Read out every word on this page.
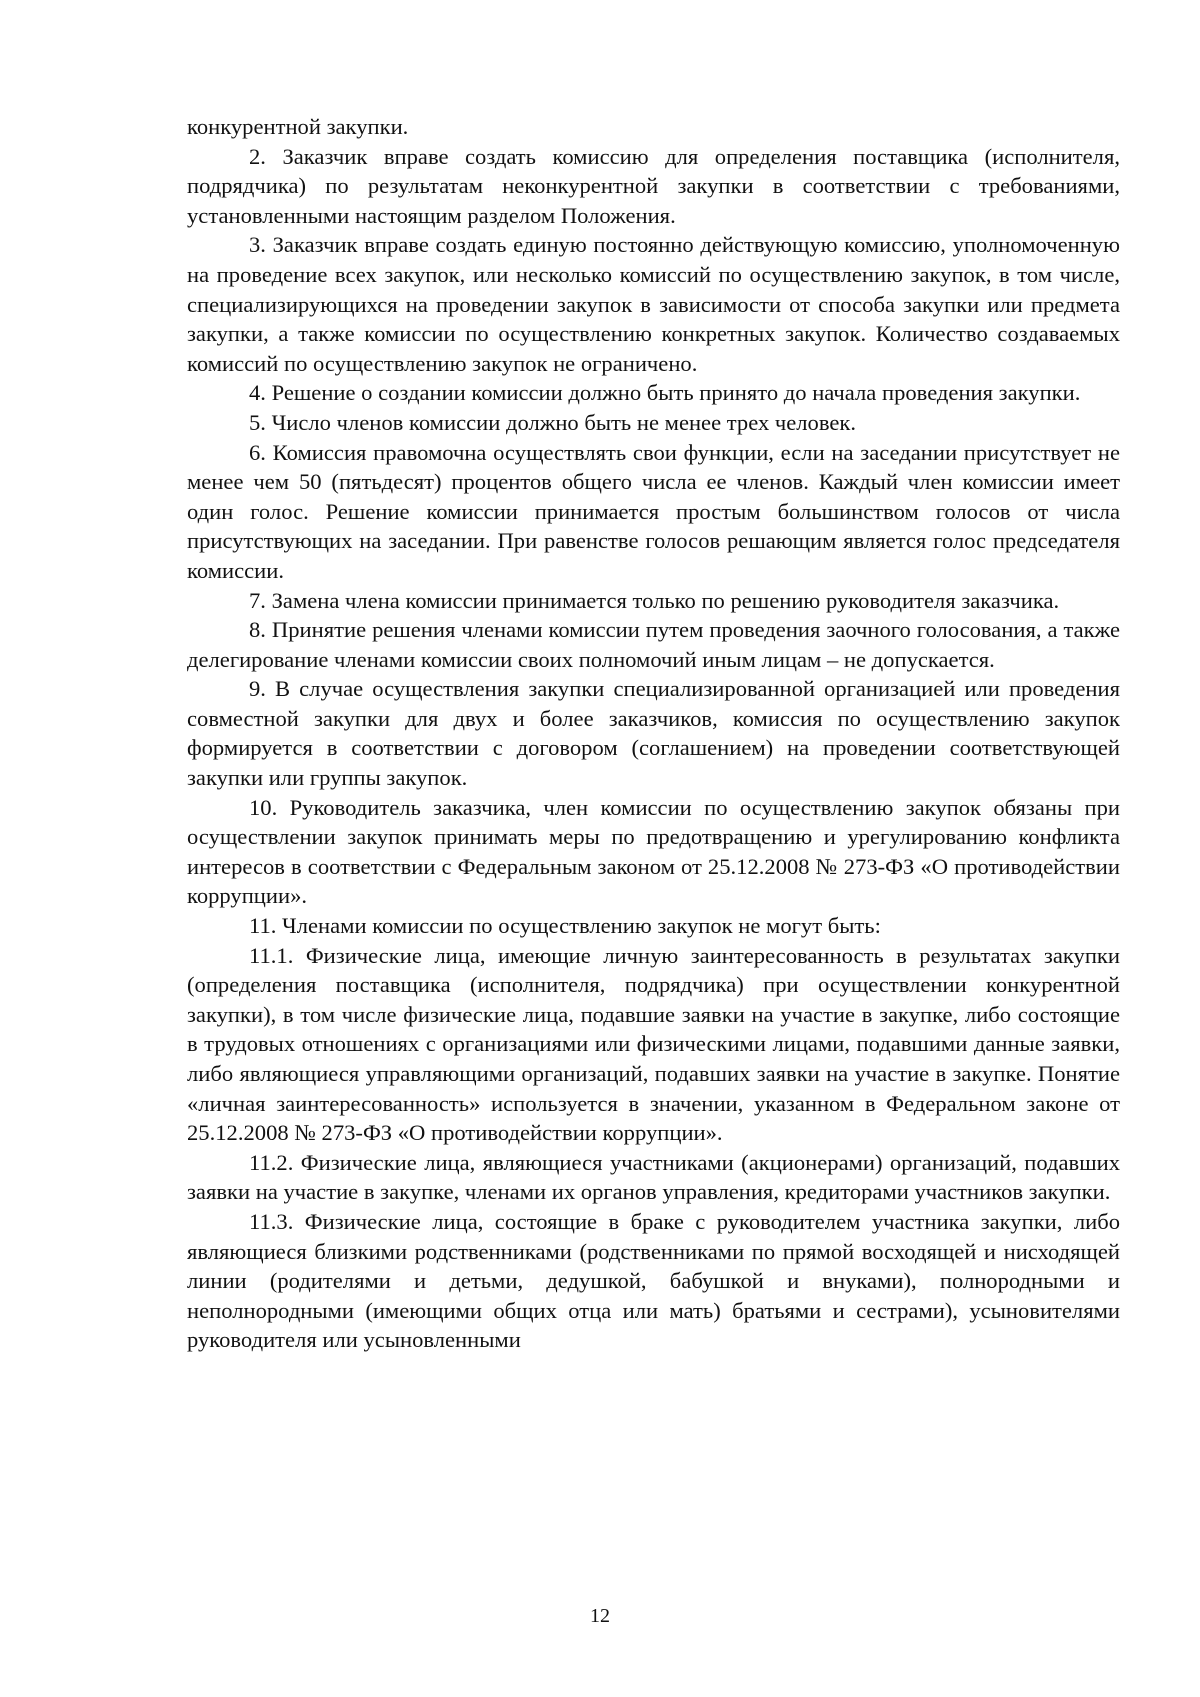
конкурентной закупки.

2. Заказчик вправе создать комиссию для определения поставщика (исполнителя, подрядчика) по результатам неконкурентной закупки в соответствии с требованиями, установленными настоящим разделом Положения.

3. Заказчик вправе создать единую постоянно действующую комиссию, уполномоченную на проведение всех закупок, или несколько комиссий по осуществлению закупок, в том числе, специализирующихся на проведении закупок в зависимости от способа закупки или предмета закупки, а также комиссии по осуществлению конкретных закупок. Количество создаваемых комиссий по осуществлению закупок не ограничено.

4. Решение о создании комиссии должно быть принято до начала проведения закупки.

5. Число членов комиссии должно быть не менее трех человек.

6. Комиссия правомочна осуществлять свои функции, если на заседании присутствует не менее чем 50 (пятьдесят) процентов общего числа ее членов. Каждый член комиссии имеет один голос. Решение комиссии принимается простым большинством голосов от числа присутствующих на заседании. При равенстве голосов решающим является голос председателя комиссии.

7. Замена члена комиссии принимается только по решению руководителя заказчика.

8. Принятие решения членами комиссии путем проведения заочного голосования, а также делегирование членами комиссии своих полномочий иным лицам – не допускается.

9. В случае осуществления закупки специализированной организацией или проведения совместной закупки для двух и более заказчиков, комиссия по осуществлению закупок формируется в соответствии с договором (соглашением) на проведении соответствующей закупки или группы закупок.

10. Руководитель заказчика, член комиссии по осуществлению закупок обязаны при осуществлении закупок принимать меры по предотвращению и урегулированию конфликта интересов в соответствии с Федеральным законом от 25.12.2008 № 273-ФЗ «О противодействии коррупции».

11. Членами комиссии по осуществлению закупок не могут быть:

11.1. Физические лица, имеющие личную заинтересованность в результатах закупки (определения поставщика (исполнителя, подрядчика) при осуществлении конкурентной закупки), в том числе физические лица, подавшие заявки на участие в закупке, либо состоящие в трудовых отношениях с организациями или физическими лицами, подавшими данные заявки, либо являющиеся управляющими организаций, подавших заявки на участие в закупке. Понятие «личная заинтересованность» используется в значении, указанном в Федеральном законе от 25.12.2008 № 273-ФЗ «О противодействии коррупции».

11.2. Физические лица, являющиеся участниками (акционерами) организаций, подавших заявки на участие в закупке, членами их органов управления, кредиторами участников закупки.

11.3. Физические лица, состоящие в браке с руководителем участника закупки, либо являющиеся близкими родственниками (родственниками по прямой восходящей и нисходящей линии (родителями и детьми, дедушкой, бабушкой и внуками), полнородными и неполнородными (имеющими общих отца или мать) братьями и сестрами), усыновителями руководителя или усыновленными

12
